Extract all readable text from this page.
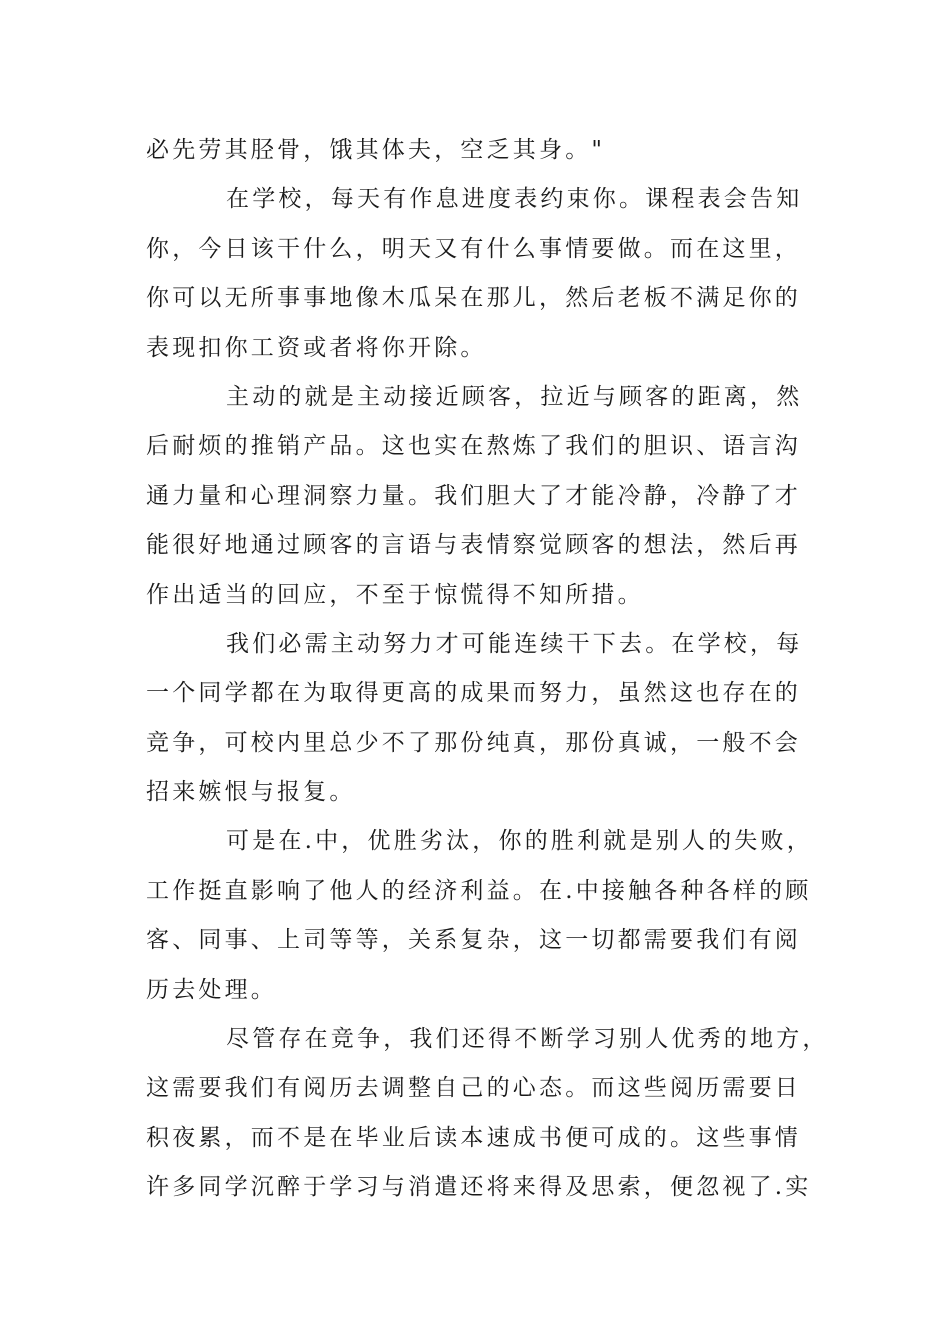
必先劳其胫骨，饿其体夫，空乏其身。"
在学校，每天有作息进度表约束你。课程表会告知
你，今日该干什么，明天又有什么事情要做。而在这里，
你可以无所事事地像木瓜呆在那儿，然后老板不满足你的
表现扣你工资或者将你开除。
主动的就是主动接近顾客，拉近与顾客的距离，然
后耐烦的推销产品。这也实在熬炼了我们的胆识、语言沟
通力量和心理洞察力量。我们胆大了才能冷静，冷静了才
能很好地通过顾客的言语与表情察觉顾客的想法，然后再
作出适当的回应，不至于惊慌得不知所措。
我们必需主动努力才可能连续干下去。在学校，每
一个同学都在为取得更高的成果而努力，虽然这也存在的
竞争，可校内里总少不了那份纯真，那份真诚，一般不会
招来嫉恨与报复。
可是在.中，优胜劣汰，你的胜利就是别人的失败，
工作挺直影响了他人的经济利益。在.中接触各种各样的顾
客、同事、上司等等，关系复杂，这一切都需要我们有阅
历去处理。
尽管存在竞争，我们还得不断学习别人优秀的地方，
这需要我们有阅历去调整自己的心态。而这些阅历需要日
积夜累，而不是在毕业后读本速成书便可成的。这些事情
许多同学沉醉于学习与消遣还将来得及思索，便忽视了.实
